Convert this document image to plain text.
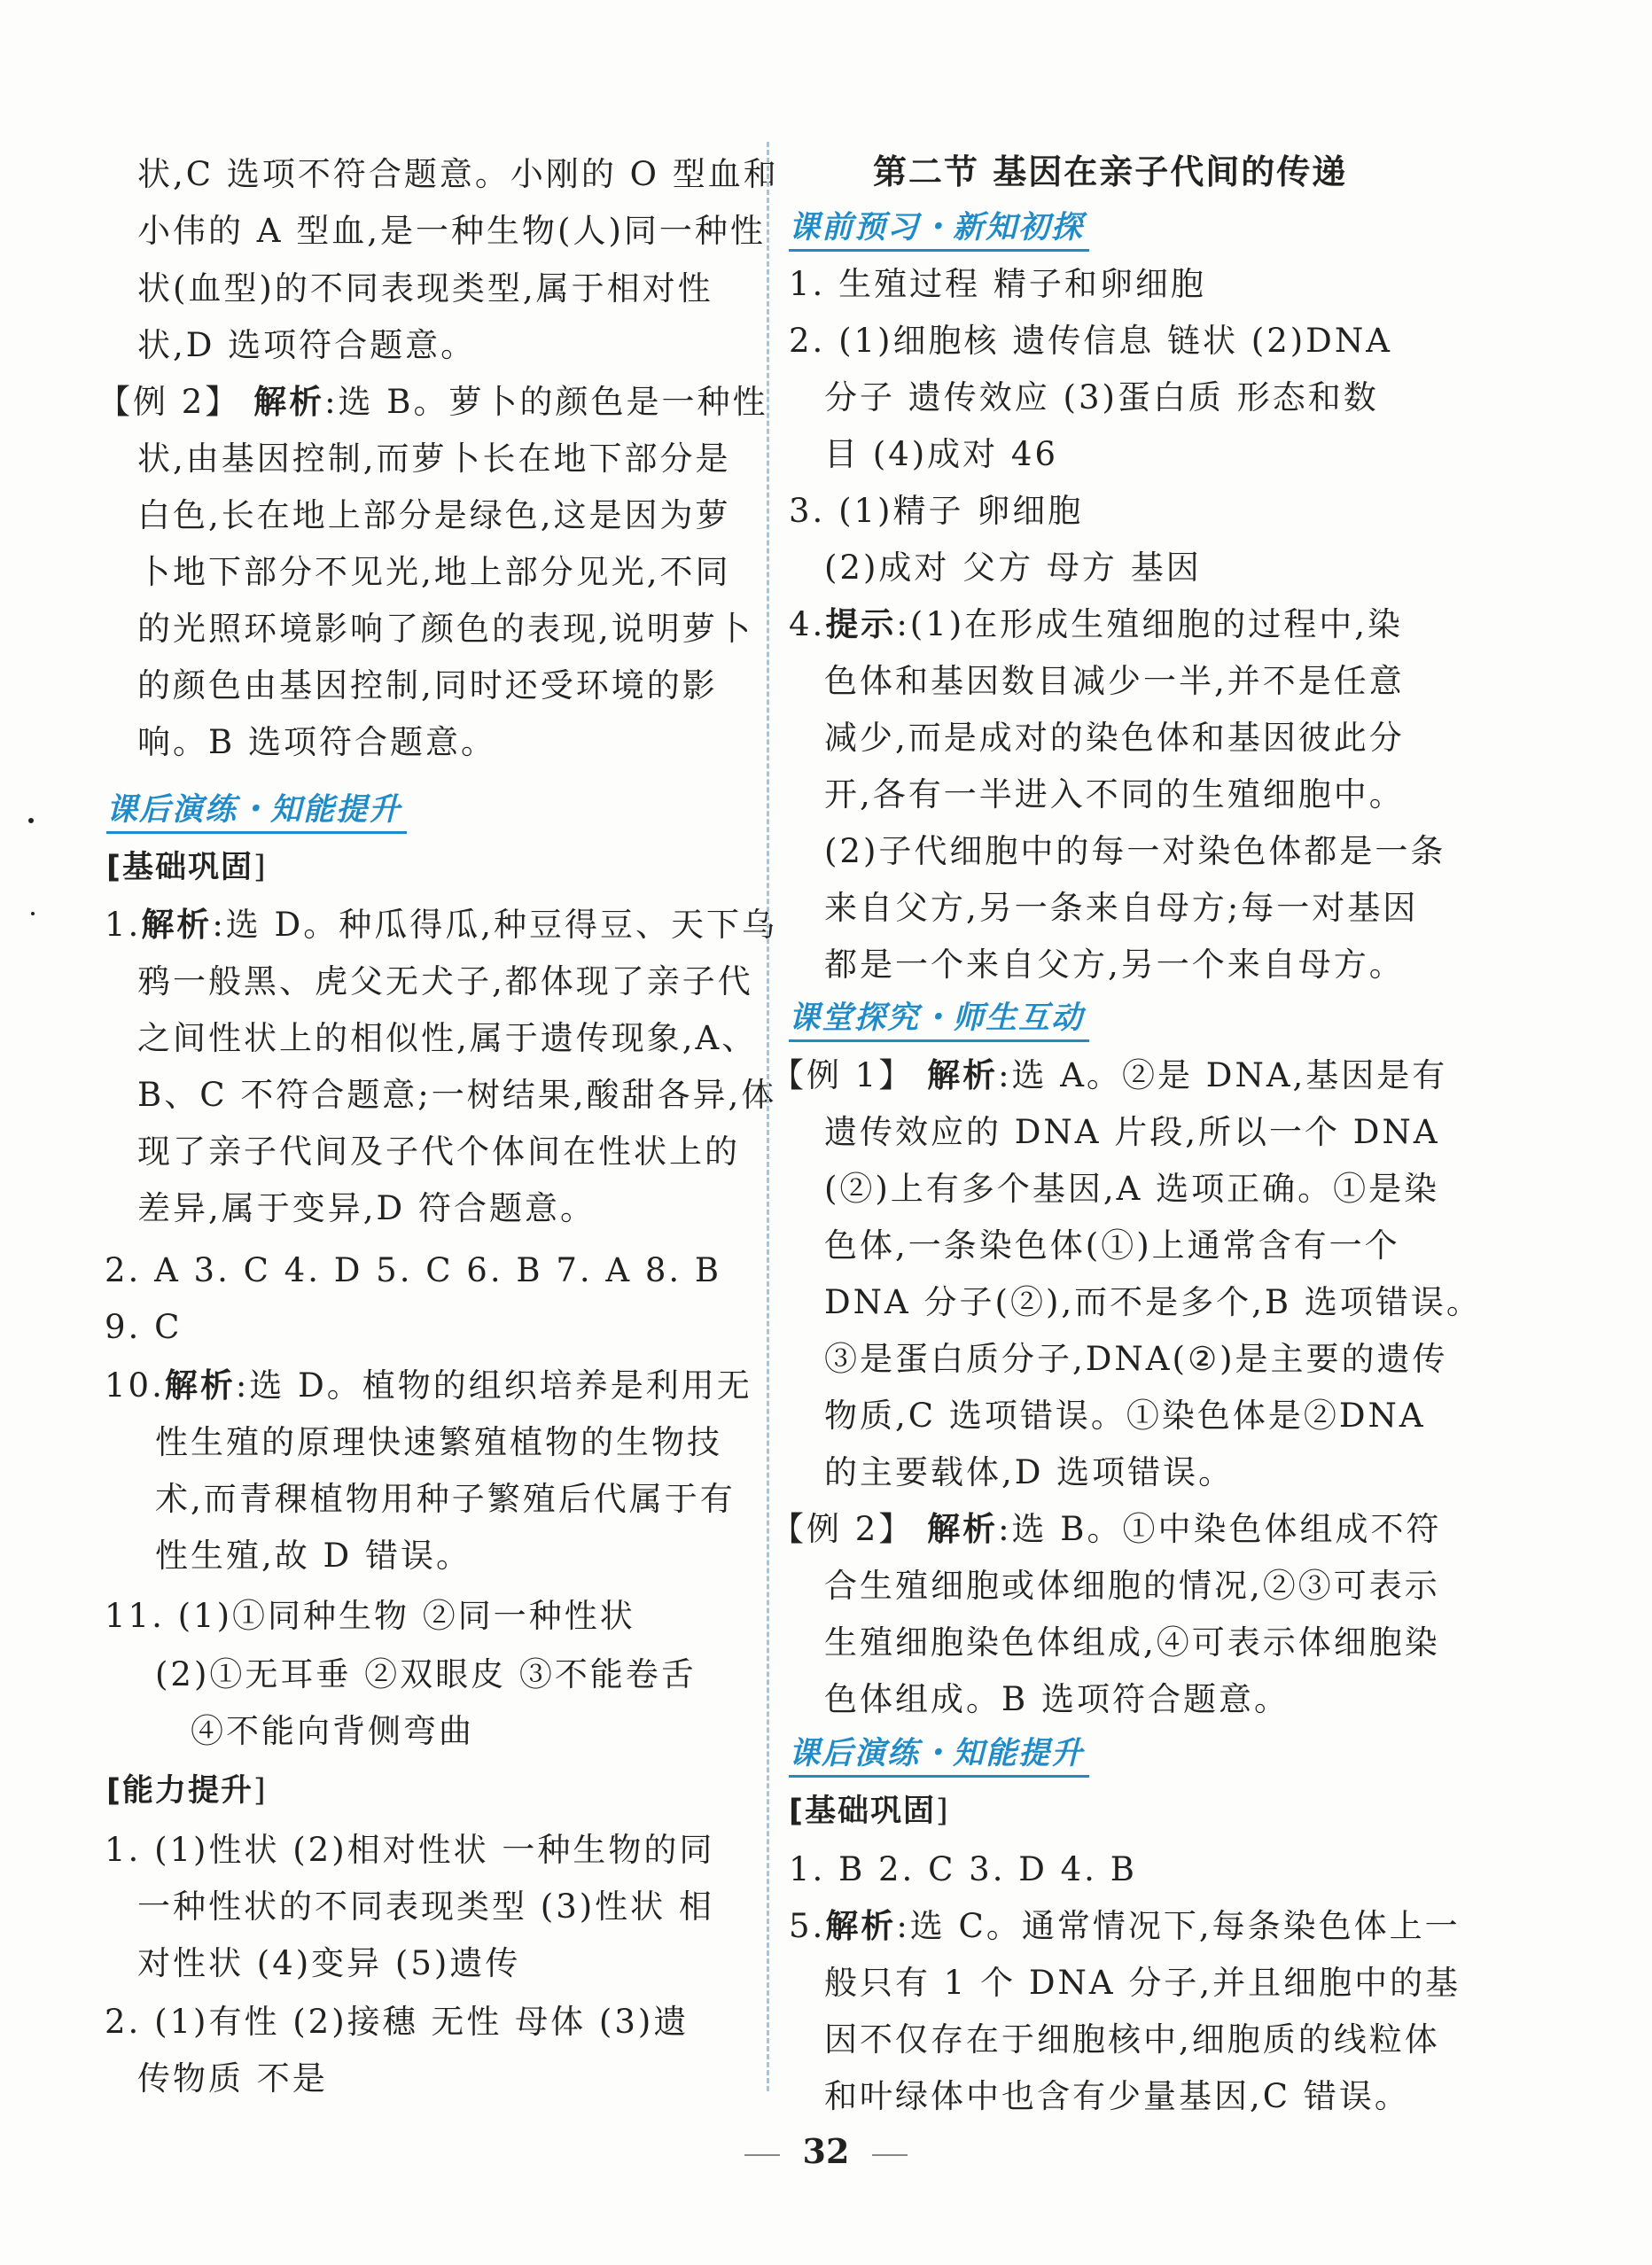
状,C 选项不符合题意。小刚的 O 型血和
小伟的 A 型血,是一种生物(人)同一种性
状(血型)的不同表现类型,属于相对性
状,D 选项符合题意。
【例 2】 解析:选 B。萝卜的颜色是一种性
状,由基因控制,而萝卜长在地下部分是
白色,长在地上部分是绿色,这是因为萝
卜地下部分不见光,地上部分见光,不同
的光照环境影响了颜色的表现,说明萝卜
的颜色由基因控制,同时还受环境的影
响。B 选项符合题意。
课后演练・知能提升
[基础巩固]
1.解析:选 D。种瓜得瓜,种豆得豆、天下乌
鸦一般黑、虎父无犬子,都体现了亲子代
之间性状上的相似性,属于遗传现象,A、
B、C 不符合题意;一树结果,酸甜各异,体
现了亲子代间及子代个体间在性状上的
差异,属于变异,D 符合题意。
2. A 3. C 4. D 5. C 6. B 7. A 8. B
9. C
10.解析:选 D。植物的组织培养是利用无
性生殖的原理快速繁殖植物的生物技
术,而青稞植物用种子繁殖后代属于有
性生殖,故 D 错误。
11. (1)①同种生物 ②同一种性状
(2)①无耳垂 ②双眼皮 ③不能卷舌
④不能向背侧弯曲
[能力提升]
1. (1)性状 (2)相对性状 一种生物的同
一种性状的不同表现类型 (3)性状 相
对性状 (4)变异 (5)遗传
2. (1)有性 (2)接穗 无性 母体 (3)遗
传物质 不是
第二节 基因在亲子代间的传递
课前预习・新知初探
1. 生殖过程 精子和卵细胞
2. (1)细胞核 遗传信息 链状 (2)DNA
分子 遗传效应 (3)蛋白质 形态和数
目 (4)成对 46
3. (1)精子 卵细胞
(2)成对 父方 母方 基因
4.提示:(1)在形成生殖细胞的过程中,染
色体和基因数目减少一半,并不是任意
减少,而是成对的染色体和基因彼此分
开,各有一半进入不同的生殖细胞中。
(2)子代细胞中的每一对染色体都是一条
来自父方,另一条来自母方;每一对基因
都是一个来自父方,另一个来自母方。
课堂探究・师生互动
【例 1】 解析:选 A。②是 DNA,基因是有
遗传效应的 DNA 片段,所以一个 DNA
(②)上有多个基因,A 选项正确。①是染
色体,一条染色体(①)上通常含有一个
DNA 分子(②),而不是多个,B 选项错误。
③是蛋白质分子,DNA(②)是主要的遗传
物质,C 选项错误。①染色体是②DNA
的主要载体,D 选项错误。
【例 2】 解析:选 B。①中染色体组成不符
合生殖细胞或体细胞的情况,②③可表示
生殖细胞染色体组成,④可表示体细胞染
色体组成。B 选项符合题意。
课后演练・知能提升
[基础巩固]
1. B 2. C 3. D 4. B
5.解析:选 C。通常情况下,每条染色体上一
般只有 1 个 DNA 分子,并且细胞中的基
因不仅存在于细胞核中,细胞质的线粒体
和叶绿体中也含有少量基因,C 错误。
32
